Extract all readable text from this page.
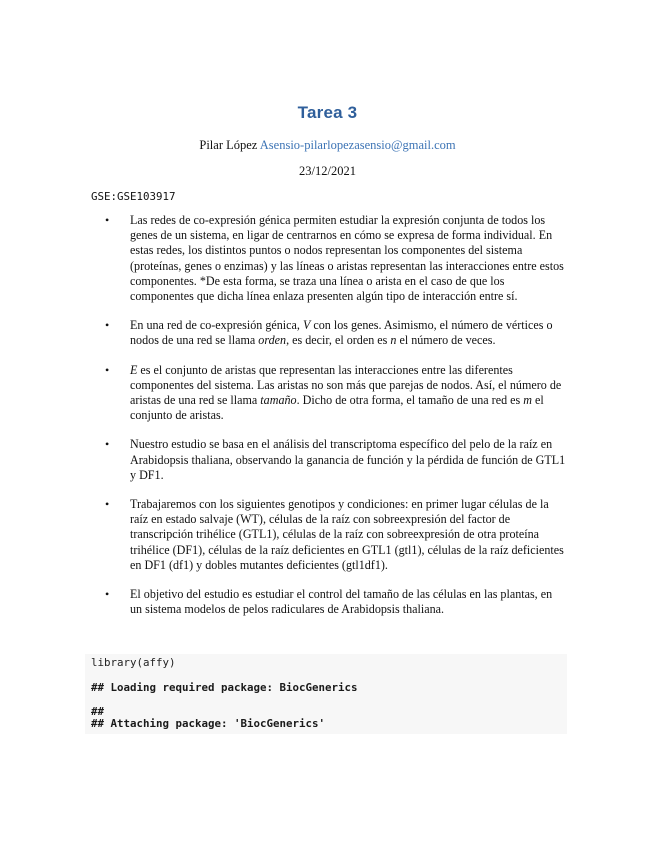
Tarea 3
Pilar López Asensio-pilarlopezasensio@gmail.com
23/12/2021
GSE:GSE103917
• Las redes de co-expresión génica permiten estudiar la expresión conjunta de todos los genes de un sistema, en ligar de centrarnos en cómo se expresa de forma individual. En estas redes, los distintos puntos o nodos representan los componentes del sistema (proteínas, genes o enzimas) y las líneas o aristas representan las interacciones entre estos componentes. *De esta forma, se traza una línea o arista en el caso de que los componentes que dicha línea enlaza presenten algún tipo de interacción entre sí.
• En una red de co-expresión génica, V con los genes. Asimismo, el número de vértices o nodos de una red se llama orden, es decir, el orden es n el número de veces.
• E es el conjunto de aristas que representan las interacciones entre las diferentes componentes del sistema. Las aristas no son más que parejas de nodos. Así, el número de aristas de una red se llama tamaño. Dicho de otra forma, el tamaño de una red es m el conjunto de aristas.
• Nuestro estudio se basa en el análisis del transcriptoma específico del pelo de la raíz en Arabidopsis thaliana, observando la ganancia de función y la pérdida de función de GTL1 y DF1.
• Trabajaremos con los siguientes genotipos y condiciones: en primer lugar células de la raíz en estado salvaje (WT), células de la raíz con sobreexpresión del factor de transcripción trihélice (GTL1), células de la raíz con sobreexpresión de otra proteína trihélice (DF1), células de la raíz deficientes en GTL1 (gtl1), células de la raíz deficientes en DF1 (df1) y dobles mutantes deficientes (gtl1df1).
• El objetivo del estudio es estudiar el control del tamaño de las células en las plantas, en un sistema modelos de pelos radiculares de Arabidopsis thaliana.
library(affy)
## Loading required package: BiocGenerics
##
## Attaching package: 'BiocGenerics'
